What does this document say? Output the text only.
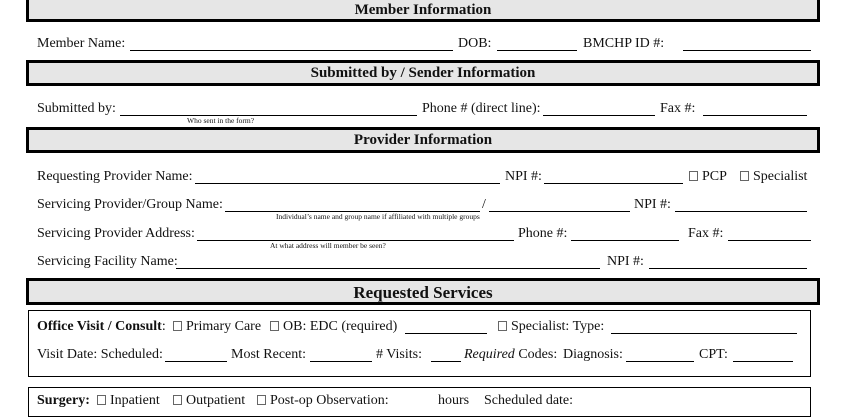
Member Information
Member Name:	DOB:	BMCHP ID #:
Submitted by / Sender Information
Submitted by:
Who sent in the form?
Phone # (direct line):	Fax #:
Provider Information
Requesting Provider Name:	NPI #:	PCP	Specialist
Servicing Provider/Group Name:	/
Individual’s name and group name if affiliated with multiple groups
NPI #:
Servicing Provider Address:
At what address will member be seen?
Phone #:	Fax #:
Servicing Facility Name:	NPI #:
Requested Services
Office Visit / Consult:	Primary Care	OB: EDC (required)	Specialist: Type:
Visit Date: Scheduled:	Most Recent:	# Visits:	Required Codes: Diagnosis:	CPT:
Surgery:	Inpatient	Outpatient	Post-op Observation:	hours Scheduled date:
